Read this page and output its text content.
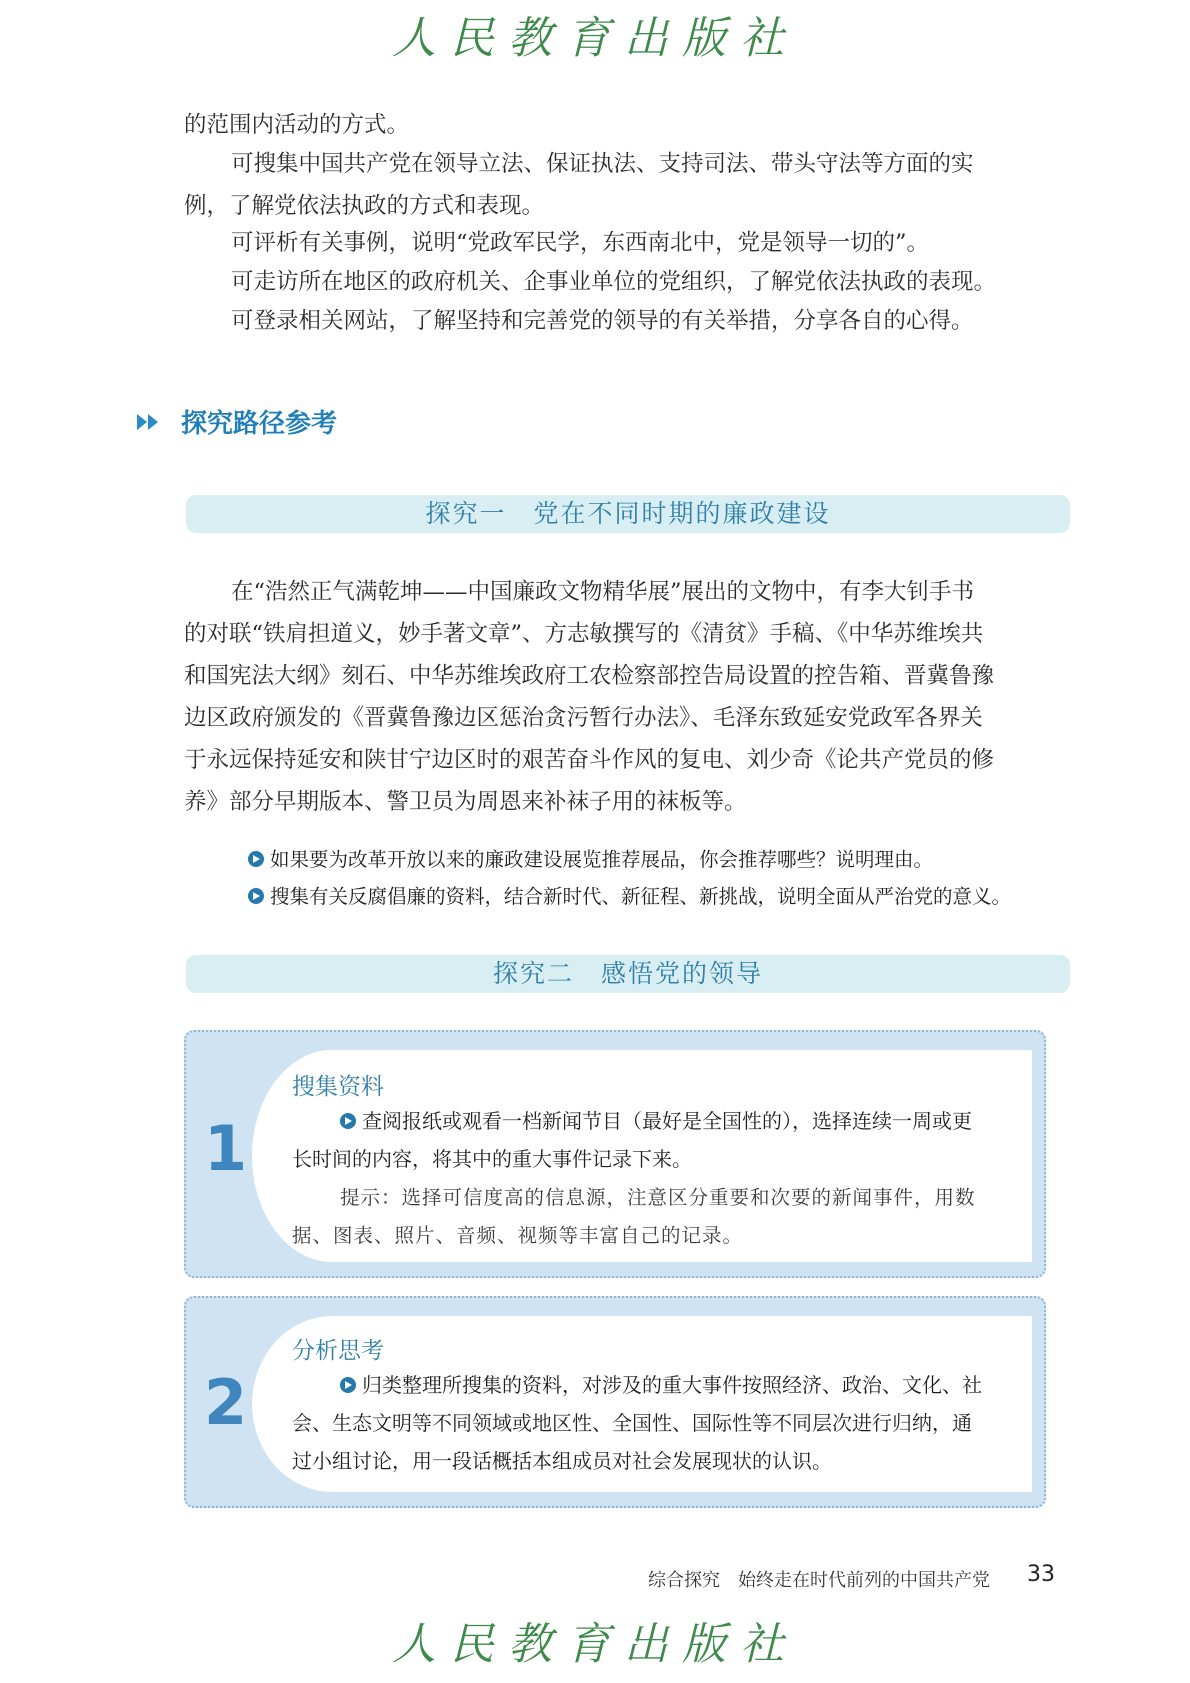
人民教育出版社
的范围内活动的方式。
可搜集中国共产党在领导立法、保证执法、支持司法、带头守法等方面的实
例，了解党依法执政的方式和表现。
可评析有关事例，说明“党政军民学，东西南北中，党是领导一切的”。
可走访所在地区的政府机关、企事业单位的党组织，了解党依法执政的表现。
可登录相关网站，了解坚持和完善党的领导的有关举措，分享各自的心得。
探究路径参考
探究一　党在不同时期的廉政建设
在“浩然正气满乾坤——中国廉政文物精华展”展出的文物中，有李大钊手书
的对联“铁肩担道义，妙手著文章”、方志敏撰写的《清贫》手稿、《中华苏维埃共
和国宪法大纲》刻石、中华苏维埃政府工农检察部控告局设置的控告箱、晋冀鲁豫
边区政府颁发的《晋冀鲁豫边区惩治贪污暂行办法》、毛泽东致延安党政军各界关
于永远保持延安和陕甘宁边区时的艰苦奋斗作风的复电、刘少奇《论共产党员的修
养》部分早期版本、警卫员为周恩来补袜子用的袜板等。
如果要为改革开放以来的廉政建设展览推荐展品，你会推荐哪些？说明理由。
搜集有关反腐倡廉的资料，结合新时代、新征程、新挑战，说明全面从严治党的意义。
探究二　感悟党的领导
1
搜集资料
查阅报纸或观看一档新闻节目（最好是全国性的），选择连续一周或更
长时间的内容，将其中的重大事件记录下来。
提示：选择可信度高的信息源，注意区分重要和次要的新闻事件，用数
据、图表、照片、音频、视频等丰富自己的记录。
2
分析思考
归类整理所搜集的资料，对涉及的重大事件按照经济、政治、文化、社
会、生态文明等不同领域或地区性、全国性、国际性等不同层次进行归纳，通
过小组讨论，用一段话概括本组成员对社会发展现状的认识。
综合探究　始终走在时代前列的中国共产党 33
人民教育出版社
